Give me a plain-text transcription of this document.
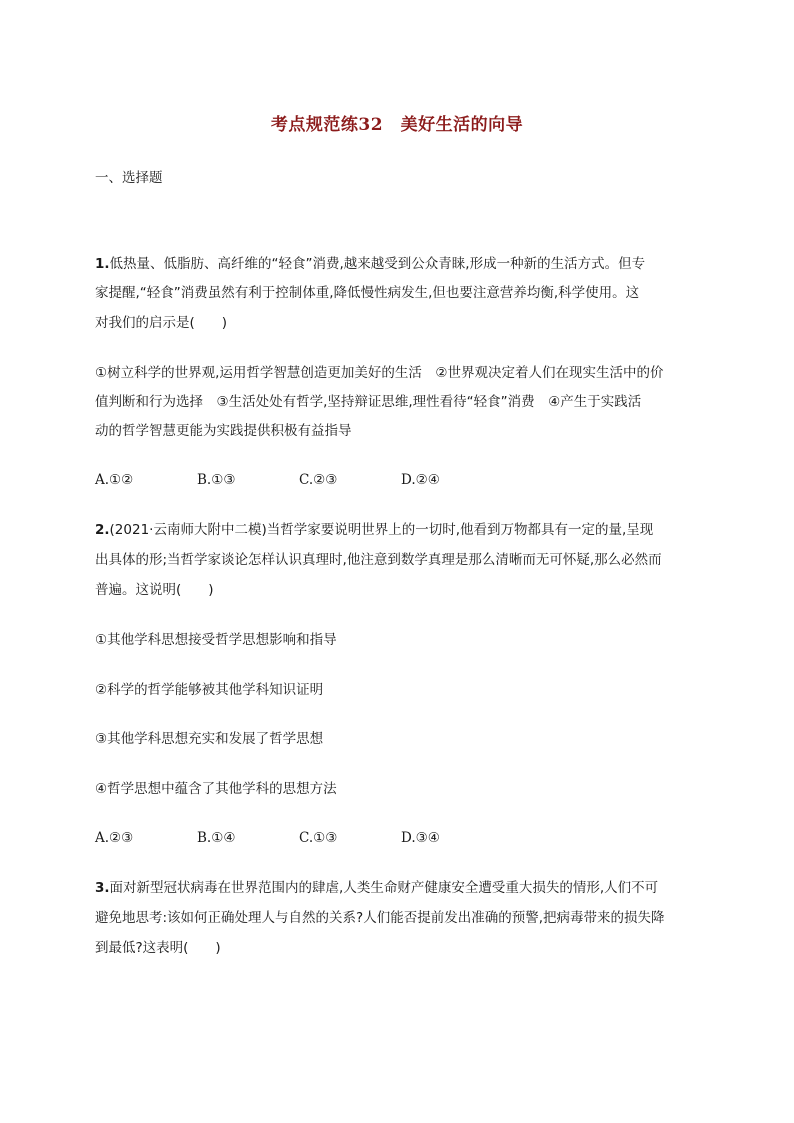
考点规范练32　美好生活的向导
一、选择题
1.低热量、低脂肪、高纤维的“轻食”消费,越来越受到公众青睐,形成一种新的生活方式。但专
家提醒,“轻食”消费虽然有利于控制体重,降低慢性病发生,但也要注意营养均衡,科学使用。这
对我们的启示是(　　)
①树立科学的世界观,运用哲学智慧创造更加美好的生活　②世界观决定着人们在现实生活中的价
值判断和行为选择　③生活处处有哲学,坚持辩证思维,理性看待“轻食”消费　④产生于实践活
动的哲学智慧更能为实践提供积极有益指导
A.①②	B.①③	C.②③	D.②④
2.(2021·云南师大附中二模)当哲学家要说明世界上的一切时,他看到万物都具有一定的量,呈现
出具体的形;当哲学家谈论怎样认识真理时,他注意到数学真理是那么清晰而无可怀疑,那么必然而
普遍。这说明(　　)
①其他学科思想接受哲学思想影响和指导
②科学的哲学能够被其他学科知识证明
③其他学科思想充实和发展了哲学思想
④哲学思想中蕴含了其他学科的思想方法
A.②③	B.①④	C.①③	D.③④
3.面对新型冠状病毒在世界范围内的肆虐,人类生命财产健康安全遭受重大损失的情形,人们不可
避免地思考:该如何正确处理人与自然的关系?人们能否提前发出准确的预警,把病毒带来的损失降
到最低?这表明(　　)
